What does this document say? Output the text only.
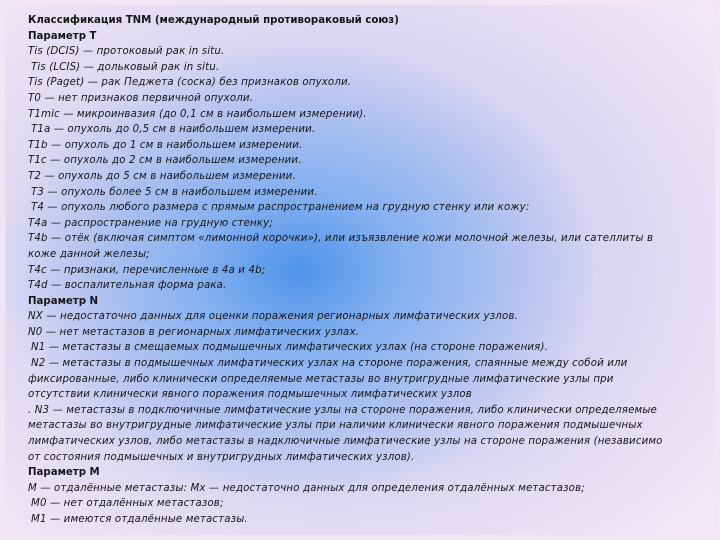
Классификация TNM (международный противораковый союз)
Параметр T
Тis (DCIS) — протоковый рак in situ.
Тis (LCIS) — дольковый рак in situ.
Тis (Paget) — рак Педжета (соска) без признаков опухоли.
Т0 — нет признаков первичной опухоли.
Т1mic — микроинвазия (до 0,1 см в наибольшем измерении).
Т1а — опухоль до 0,5 см в наибольшем измерении.
Т1b — опухоль до 1 см в наибольшем измерении.
Т1с — опухоль до 2 см в наибольшем измерении.
Т2 — опухоль до 5 см в наибольшем измерении.
Т3 — опухоль более 5 см в наибольшем измерении.
Т4 — опухоль любого размера с прямым распространением на грудную стенку или кожу:
Т4а — распространение на грудную стенку;
Т4b — отёк (включая симптом «лимонной корочки»), или изъязвление кожи молочной железы, или сателлиты в
коже данной железы;
Т4с — признаки, перечисленные в 4а и 4b;
Т4d — воспалительная форма рака.
Параметр N
NX — недостаточно данных для оценки поражения регионарных лимфатических узлов.
N0 — нет метастазов в регионарных лимфатических узлах.
N1 — метастазы в смещаемых подмышечных лимфатических узлах (на стороне поражения).
N2 — метастазы в подмышечных лимфатических узлах на стороне поражения, спаянные между собой или
фиксированные, либо клинически определяемые метастазы во внутригрудные лимфатические узлы при
отсутствии клинически явного поражения подмышечных лимфатических узлов
. N3 — метастазы в подключичные лимфатические узлы на стороне поражения, либо клинически определяемые
метастазы во внутригрудные лимфатические узлы при наличии клинически явного поражения подмышечных
лимфатических узлов, либо метастазы в надключичные лимфатические узлы на стороне поражения (независимо
от состояния подмышечных и внутригрудных лимфатических узлов).
Параметр M
М — отдалённые метастазы: Mx — недостаточно данных для определения отдалённых метастазов;
M0 — нет отдалённых метастазов;
M1 — имеются отдалённые метастазы.
